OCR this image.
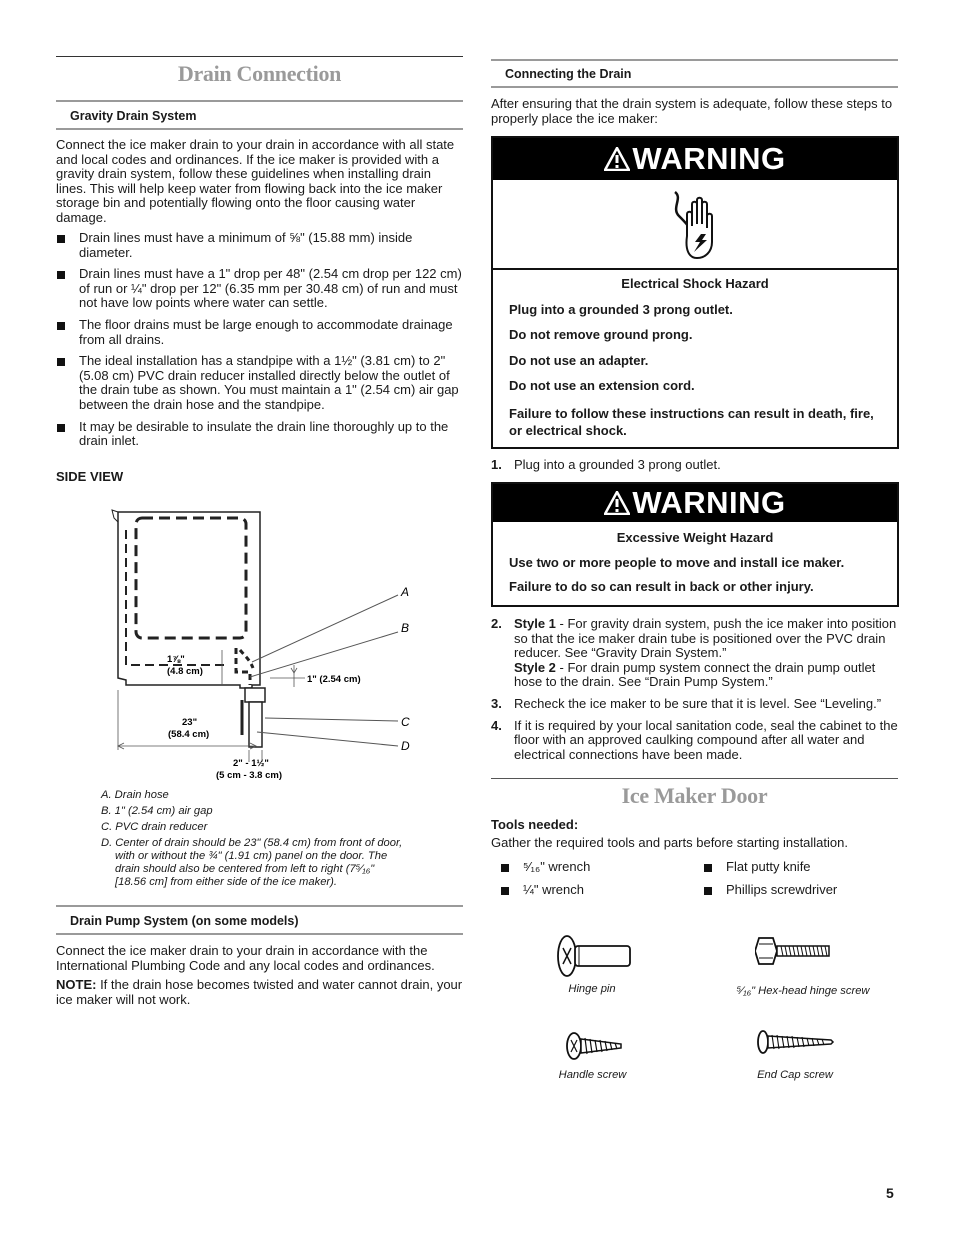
Drain Connection
Gravity Drain System

Connect the ice maker drain to your drain in accordance with all state and local codes and ordinances. If the ice maker is provided with a gravity drain system, follow these guidelines when installing drain lines. This will help keep water from flowing back into the ice maker storage bin and potentially flowing onto the floor causing water damage.

Drain lines must have a minimum of ⅝" (15.88 mm) inside diameter.
Drain lines must have a 1" drop per 48" (2.54 cm drop per 122 cm) of run or ¼" drop per 12" (6.35 mm per 30.48 cm) of run and must not have low points where water can settle.
The floor drains must be large enough to accommodate drainage from all drains.
The ideal installation has a standpipe with a 1½" (3.81 cm) to 2" (5.08 cm) PVC drain reducer installed directly below the outlet of the drain tube as shown. You must maintain a 1" (2.54 cm) air gap between the drain hose and the standpipe.
It may be desirable to insulate the drain line thoroughly up to the drain inlet.
SIDE VIEW
A
B
C
D
1⅞"
(4.8 cm)
1" (2.54 cm)
23"
(58.4 cm)
2" - 1½"
(5 cm - 3.8 cm)
A. Drain hose
B. 1" (2.54 cm) air gap
C. PVC drain reducer
D. Center of drain should be 23" (58.4 cm) from front of door,
with or without the ¾" (1.91 cm) panel on the door. The
drain should also be centered from left to right (7⁵⁄₁₆"
[18.56 cm] from either side of the ice maker).
Drain Pump System (on some models)

Connect the ice maker drain to your drain in accordance with the International Plumbing Code and any local codes and ordinances.

NOTE: If the drain hose becomes twisted and water cannot drain, your ice maker will not work.

Connecting the Drain

After ensuring that the drain system is adequate, follow these steps to properly place the ice maker:

WARNING
Electrical Shock Hazard
Plug into a grounded 3 prong outlet.
Do not remove ground prong.
Do not use an adapter.
Do not use an extension cord.
Failure to follow these instructions can result in death, fire, or electrical shock.
1. Plug into a grounded 3 prong outlet.
WARNING
Excessive Weight Hazard
Use two or more people to move and install ice maker.
Failure to do so can result in back or other injury.
2. Style 1 - For gravity drain system, push the ice maker into position so that the ice maker drain tube is positioned over the PVC drain reducer. See “Gravity Drain System.”
Style 2 - For drain pump system connect the drain pump outlet hose to the drain. See “Drain Pump System.”
3. Recheck the ice maker to be sure that it is level. See “Leveling.”
4. If it is required by your local sanitation code, seal the cabinet to the floor with an approved caulking compound after all water and electrical connections have been made.
Ice Maker Door
Tools needed:
Gather the required tools and parts before starting installation.
⁵⁄₁₆" wrench
¼" wrench
Flat putty knife
Phillips screwdriver
Hinge pin	⁵⁄₁₆" Hex-head hinge screw
Handle screw	End Cap screw
5
